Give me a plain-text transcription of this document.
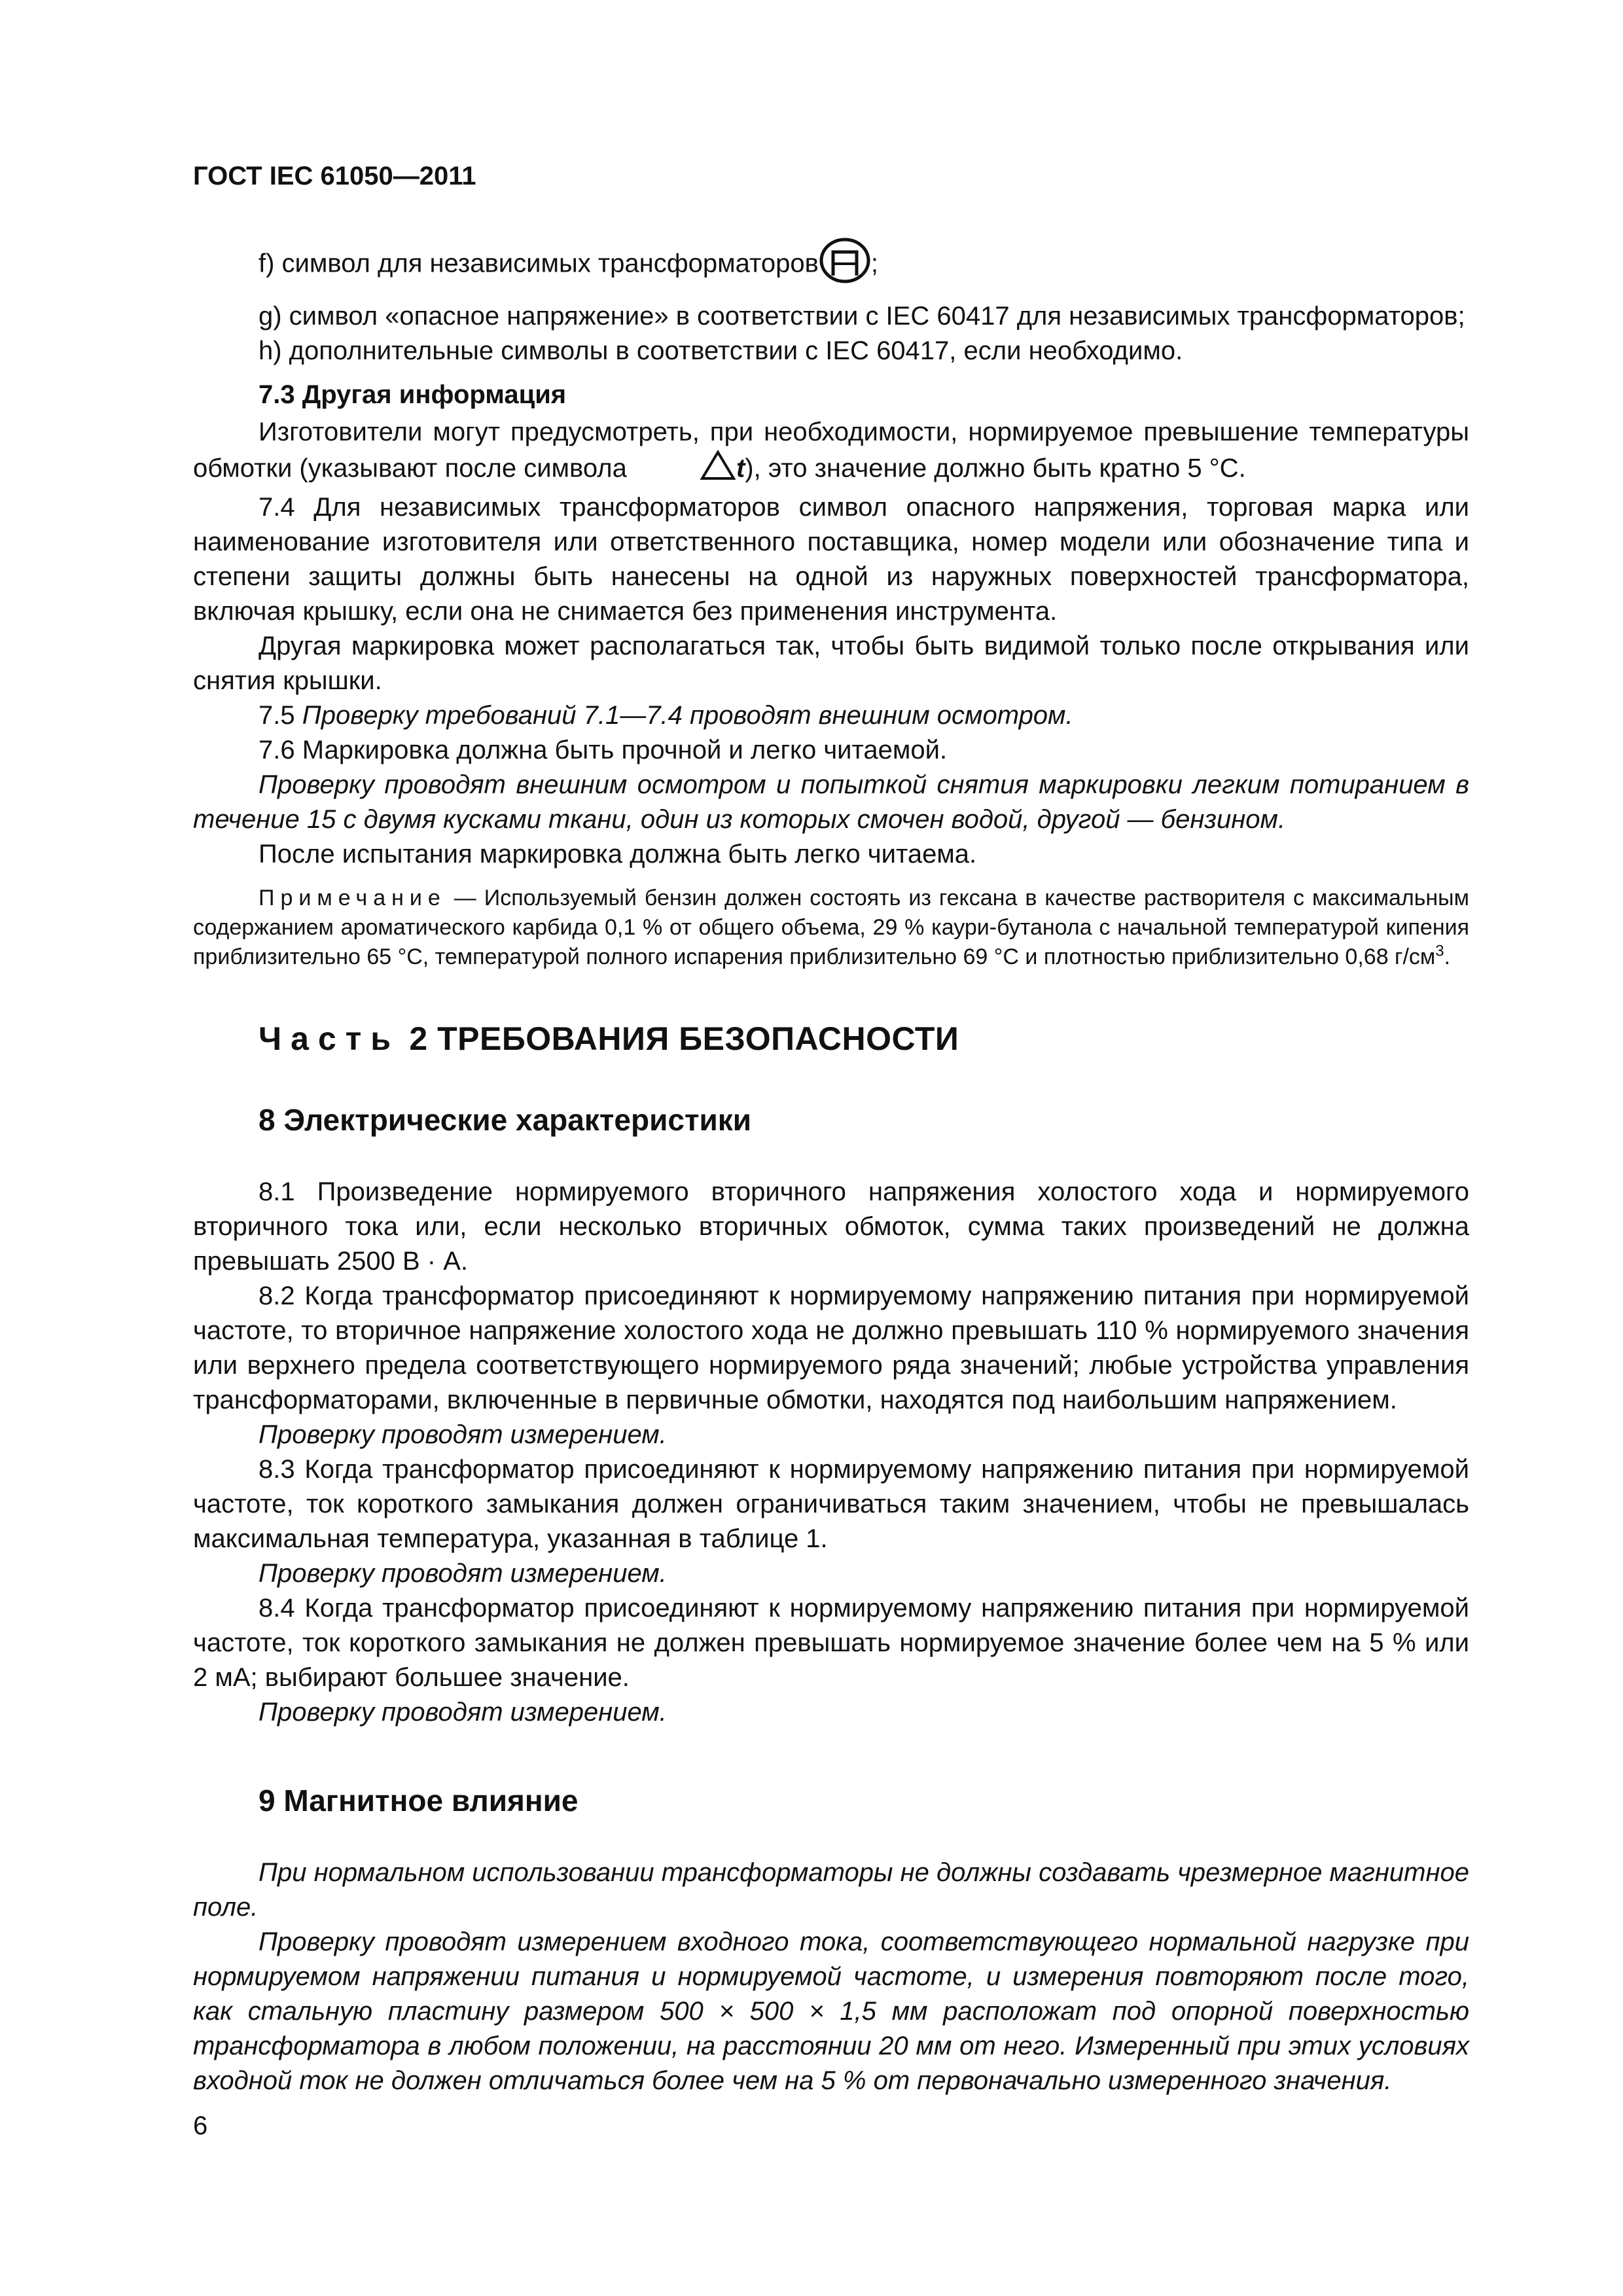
ГОСТ IEC 61050—2011

f) символ для независимых трансформаторов ;

g) символ «опасное напряжение» в соответствии с IEC 60417 для независимых трансформаторов;

h) дополнительные символы в соответствии с IEC 60417, если необходимо.

7.3 Другая информация

Изготовители могут предусмотреть, при необходимости, нормируемое превышение температуры обмотки (указывают после символа	t), это значение должно быть кратно 5 °С.

7.4 Для независимых трансформаторов символ опасного напряжения, торговая марка или наименование изготовителя или ответственного поставщика, номер модели или обозначение типа и степени защиты должны быть нанесены на одной из наружных поверхностей трансформатора, включая крышку, если она не снимается без применения инструмента.

Другая маркировка может располагаться так, чтобы быть видимой только после открывания или снятия крышки.

7.5 Проверку требований 7.1—7.4 проводят внешним осмотром.

7.6 Маркировка должна быть прочной и легко читаемой.

Проверку проводят внешним осмотром и попыткой снятия маркировки легким потиранием в течение 15 с двумя кусками ткани, один из которых смочен водой, другой — бензином.

После испытания маркировка должна быть легко читаема.

Примечание — Используемый бензин должен состоять из гексана в качестве растворителя с максимальным содержанием ароматического карбида 0,1 % от общего объема, 29 % каури-бутанола с начальной температурой кипения приблизительно 65 °С, температурой полного испарения приблизительно 69 °С и плотностью приблизительно 0,68 $г/см^3$.

Часть 2 ТРЕБОВАНИЯ БЕЗОПАСНОСТИ

8 Электрические характеристики

8.1 Произведение нормируемого вторичного напряжения холостого хода и нормируемого вторичного тока или, если несколько вторичных обмоток, сумма таких произведений не должна превышать 2500 В · А.

8.2 Когда трансформатор присоединяют к нормируемому напряжению питания при нормируемой частоте, то вторичное напряжение холостого хода не должно превышать 110 % нормируемого значения или верхнего предела соответствующего нормируемого ряда значений; любые устройства управления трансформаторами, включенные в первичные обмотки, находятся под наибольшим напряжением.

Проверку проводят измерением.

8.3 Когда трансформатор присоединяют к нормируемому напряжению питания при нормируемой частоте, ток короткого замыкания должен ограничиваться таким значением, чтобы не превышалась максимальная температура, указанная в таблице 1.

Проверку проводят измерением.

8.4 Когда трансформатор присоединяют к нормируемому напряжению питания при нормируемой частоте, ток короткого замыкания не должен превышать нормируемое значение более чем на 5 % или 2 мА; выбирают большее значение.

Проверку проводят измерением.

9 Магнитное влияние

При нормальном использовании трансформаторы не должны создавать чрезмерное магнитное поле.

Проверку проводят измерением входного тока, соответствующего нормальной нагрузке при нормируемом напряжении питания и нормируемой частоте, и измерения повторяют после того, как стальную пластину размером 500 × 500 × 1,5 мм расположат под опорной поверхностью трансформатора в любом положении, на расстоянии 20 мм от него. Измеренный при этих условиях входной ток не должен отличаться более чем на 5 % от первоначально измеренного значения.

6
